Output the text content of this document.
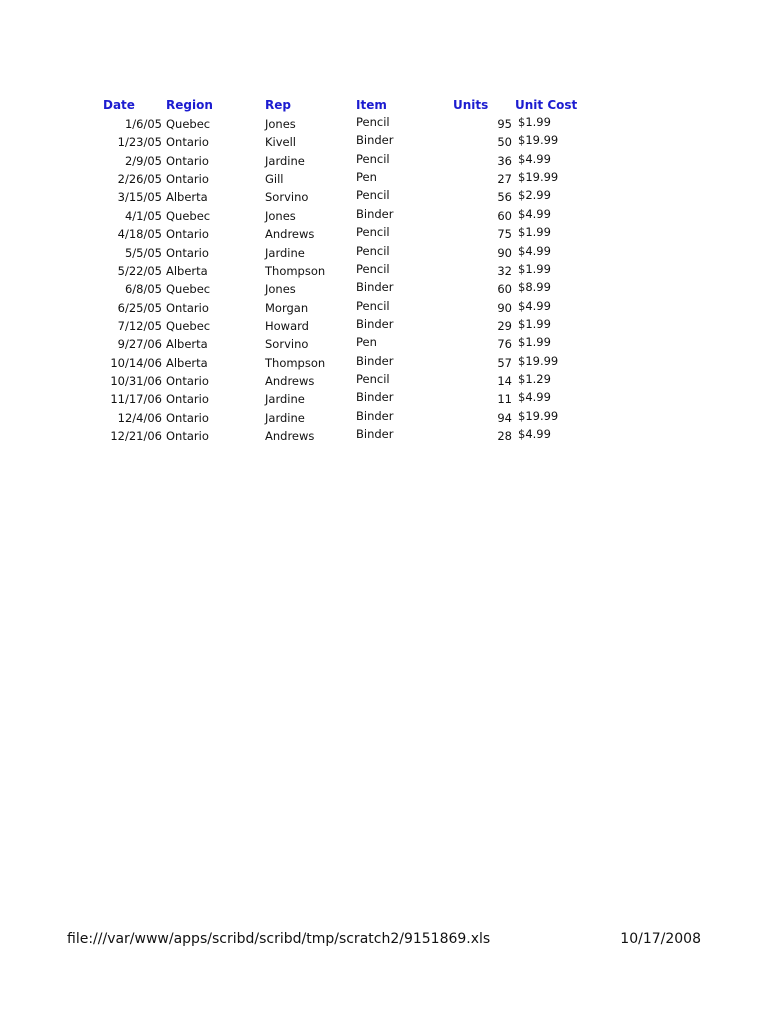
Date	Region	Rep	Item	Units Unit Cost
1/6/05 Quebec	Jones	Pencil	95 $1.99
1/23/05 Ontario	Kivell	Binder	50 $19.99
2/9/05 Ontario	Jardine	Pencil	36 $4.99
2/26/05 Ontario	Gill	Pen	27 $19.99
3/15/05 Alberta	Sorvino	Pencil	56 $2.99
4/1/05 Quebec	Jones	Binder	60 $4.99
4/18/05 Ontario	Andrews	Pencil	75 $1.99
5/5/05 Ontario	Jardine	Pencil	90 $4.99
5/22/05 Alberta	Thompson	Pencil	32 $1.99
6/8/05 Quebec	Jones	Binder	60 $8.99
6/25/05 Ontario	Morgan	Pencil	90 $4.99
7/12/05 Quebec	Howard	Binder	29 $1.99
9/27/06 Alberta	Sorvino	Pen	76 $1.99
10/14/06 Alberta	Thompson	Binder	57 $19.99
10/31/06 Ontario	Andrews	Pencil	14 $1.29
11/17/06 Ontario	Jardine	Binder	11 $4.99
12/4/06 Ontario	Jardine	Binder	94 $19.99
12/21/06 Ontario	Andrews	Binder	28 $4.99
file:///var/www/apps/scribd/scribd/tmp/scratch2/9151869.xls	10/17/2008
